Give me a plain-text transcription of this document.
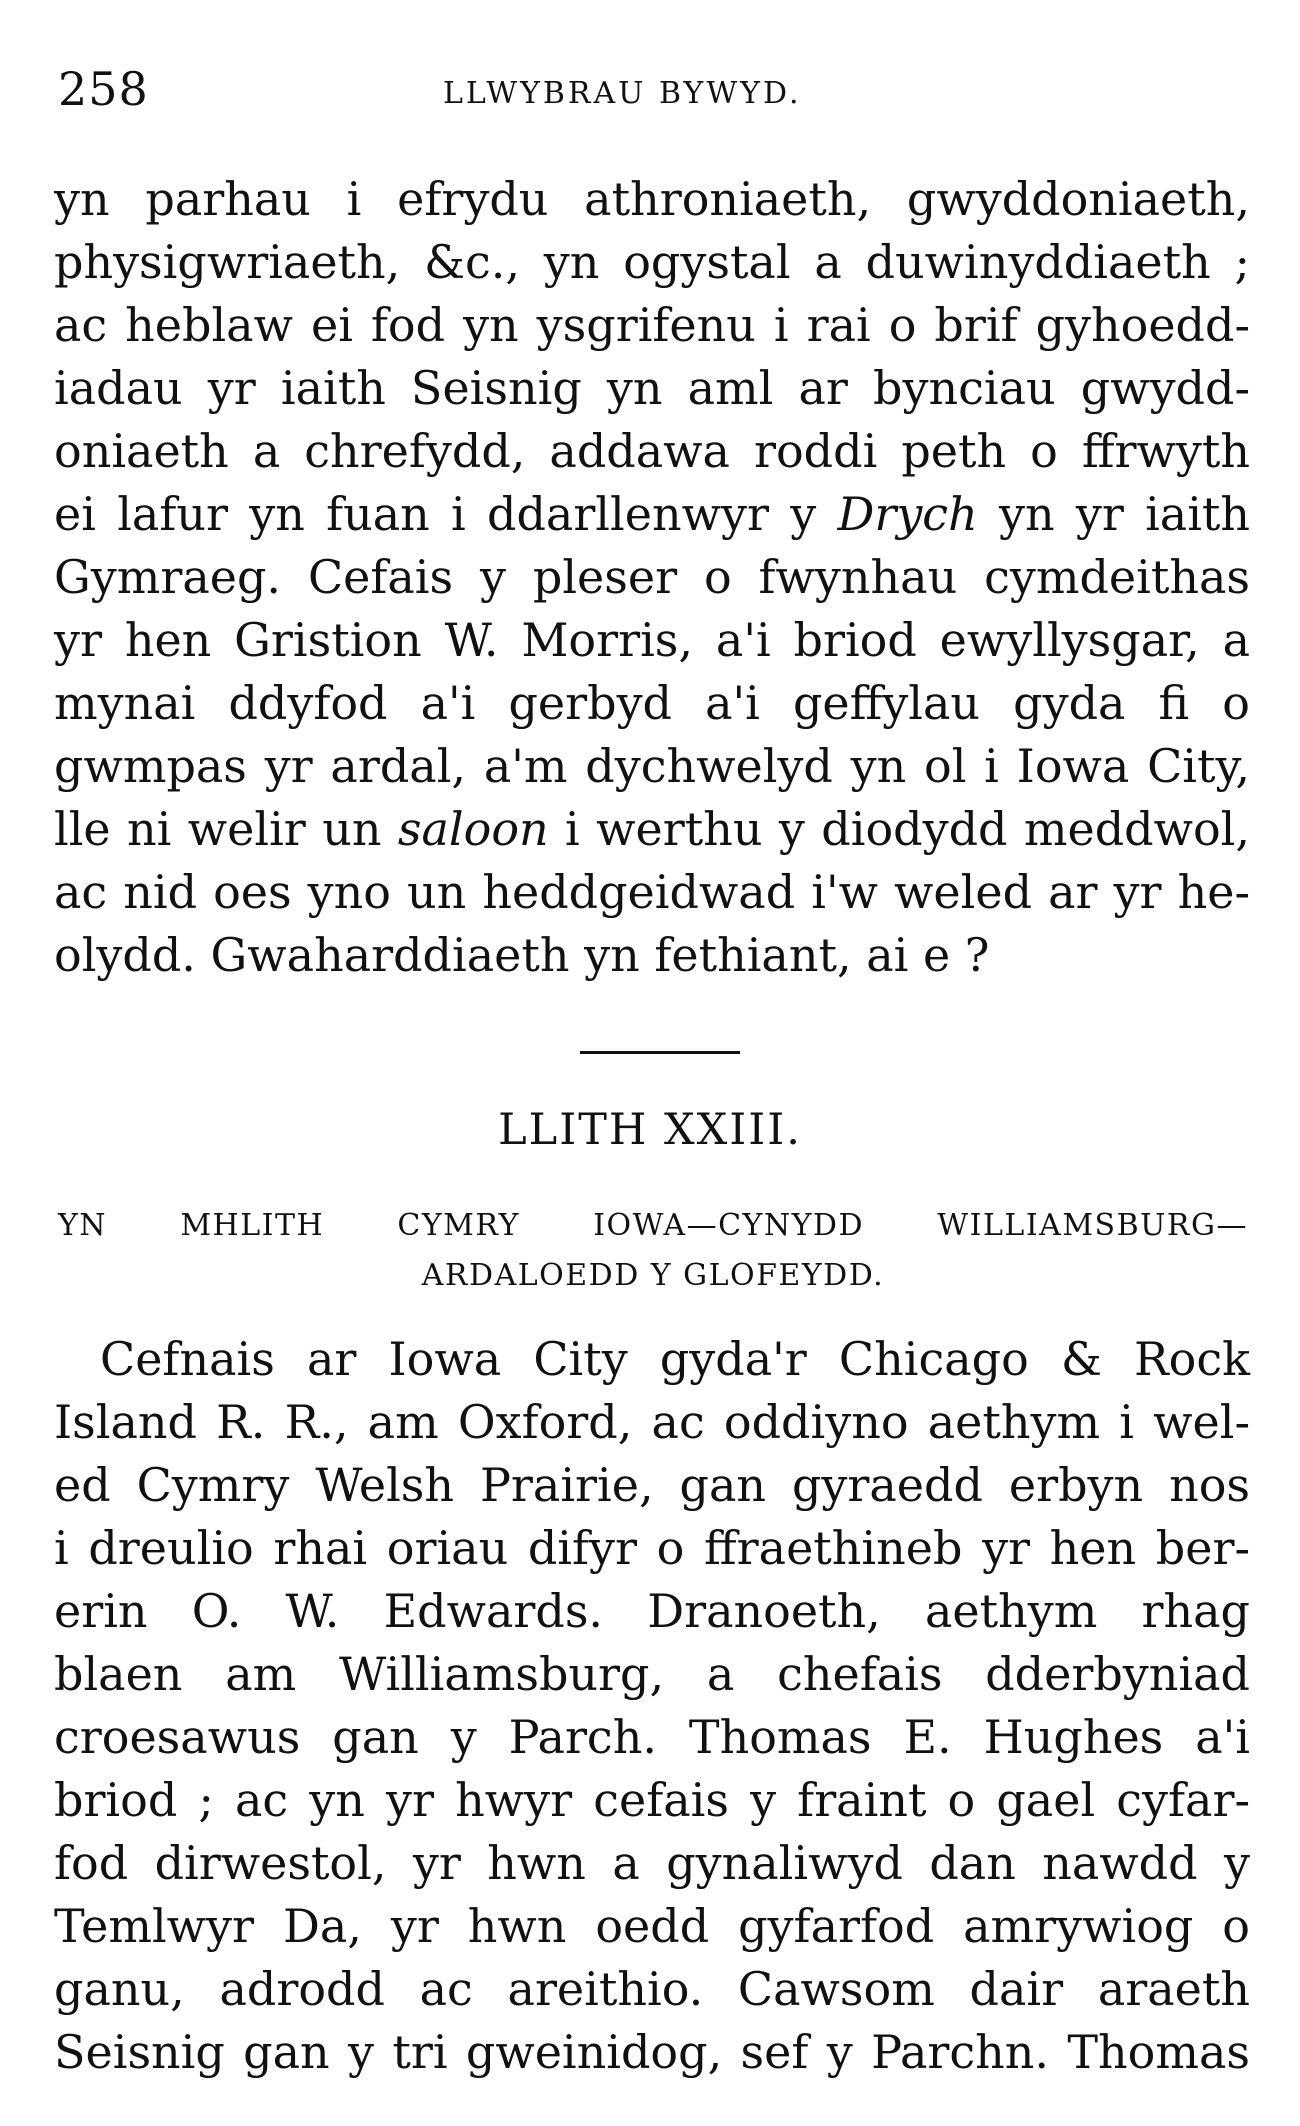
258	LLWYBRAU BYWYD.
yn parhau i efrydu athroniaeth, gwyddoniaeth,
physigwriaeth, &c., yn ogystal a duwinyddiaeth ;
ac heblaw ei fod yn ysgrifenu i rai o brif gyhoedd-
iadau yr iaith Seisnig yn aml ar bynciau gwydd-
oniaeth a chrefydd, addawa roddi peth o ffrwyth
ei lafur yn fuan i ddarllenwyr y Drych yn yr iaith
Gymraeg. Cefais y pleser o fwynhau cymdeithas
yr hen Gristion W. Morris, a'i briod ewyllysgar, a
mynai ddyfod a'i gerbyd a'i geffylau gyda fi o
gwmpas yr ardal, a'm dychwelyd yn ol i Iowa City,
lle ni welir un saloon i werthu y diodydd meddwol,
ac nid oes yno un heddgeidwad i'w weled ar yr he-
olydd. Gwaharddiaeth yn fethiant, ai e ?
LLITH XXIII.
YN MHLITH CYMRY IOWA—CYNYDD WILLIAMSBURG—
ARDALOEDD Y GLOFEYDD.
Cefnais ar Iowa City gyda'r Chicago & Rock
Island R. R., am Oxford, ac oddiyno aethym i wel-
ed Cymry Welsh Prairie, gan gyraedd erbyn nos
i dreulio rhai oriau difyr o ffraethineb yr hen ber-
erin O. W. Edwards. Dranoeth, aethym rhag
blaen am Williamsburg, a chefais dderbyniad
croesawus gan y Parch. Thomas E. Hughes a'i
briod ; ac yn yr hwyr cefais y fraint o gael cyfar-
fod dirwestol, yr hwn a gynaliwyd dan nawdd y
Temlwyr Da, yr hwn oedd gyfarfod amrywiog o
ganu, adrodd ac areithio. Cawsom dair araeth
Seisnig gan y tri gweinidog, sef y Parchn. Thomas
